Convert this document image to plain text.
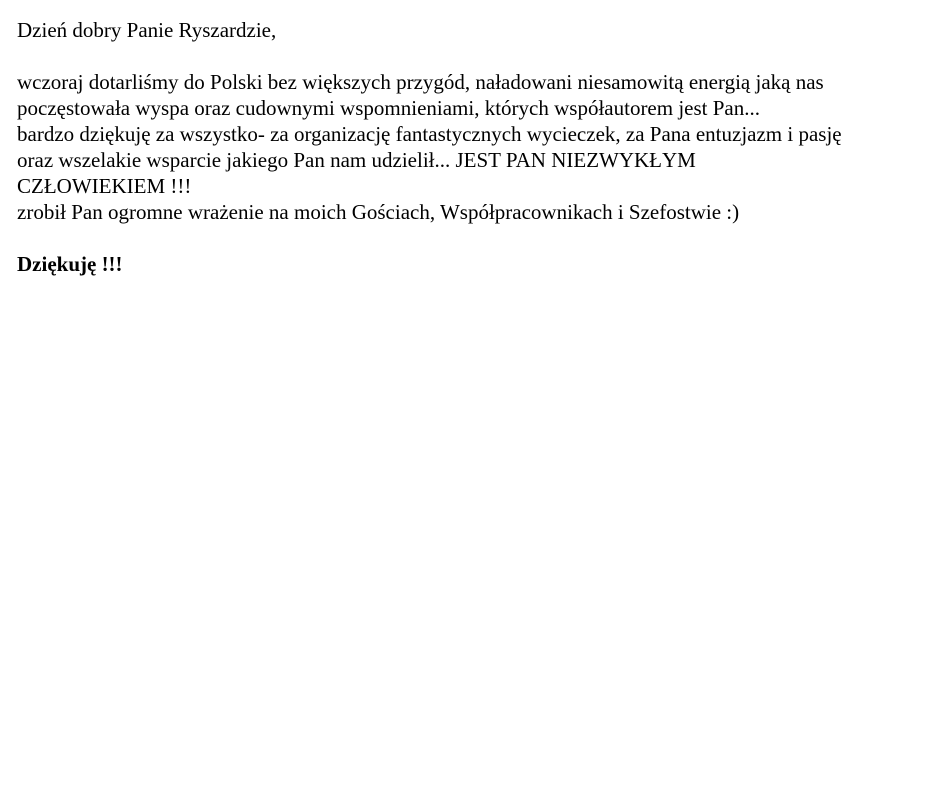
Dzień dobry Panie Ryszardzie,

wczoraj dotarliśmy do Polski bez większych przygód, naładowani niesamowitą energią jaką nas
poczęstowała wyspa oraz cudownymi wspomnieniami, których współautorem jest Pan...
bardzo dziękuję za wszystko- za organizację fantastycznych wycieczek, za Pana entuzjazm i pasję
oraz wszelakie wsparcie jakiego Pan nam udzielił... JEST PAN NIEZWYKŁYM
CZŁOWIEKIEM !!!
zrobił Pan ogromne wrażenie na moich Gościach, Współpracownikach i Szefostwie :)

Dziękuję !!!
